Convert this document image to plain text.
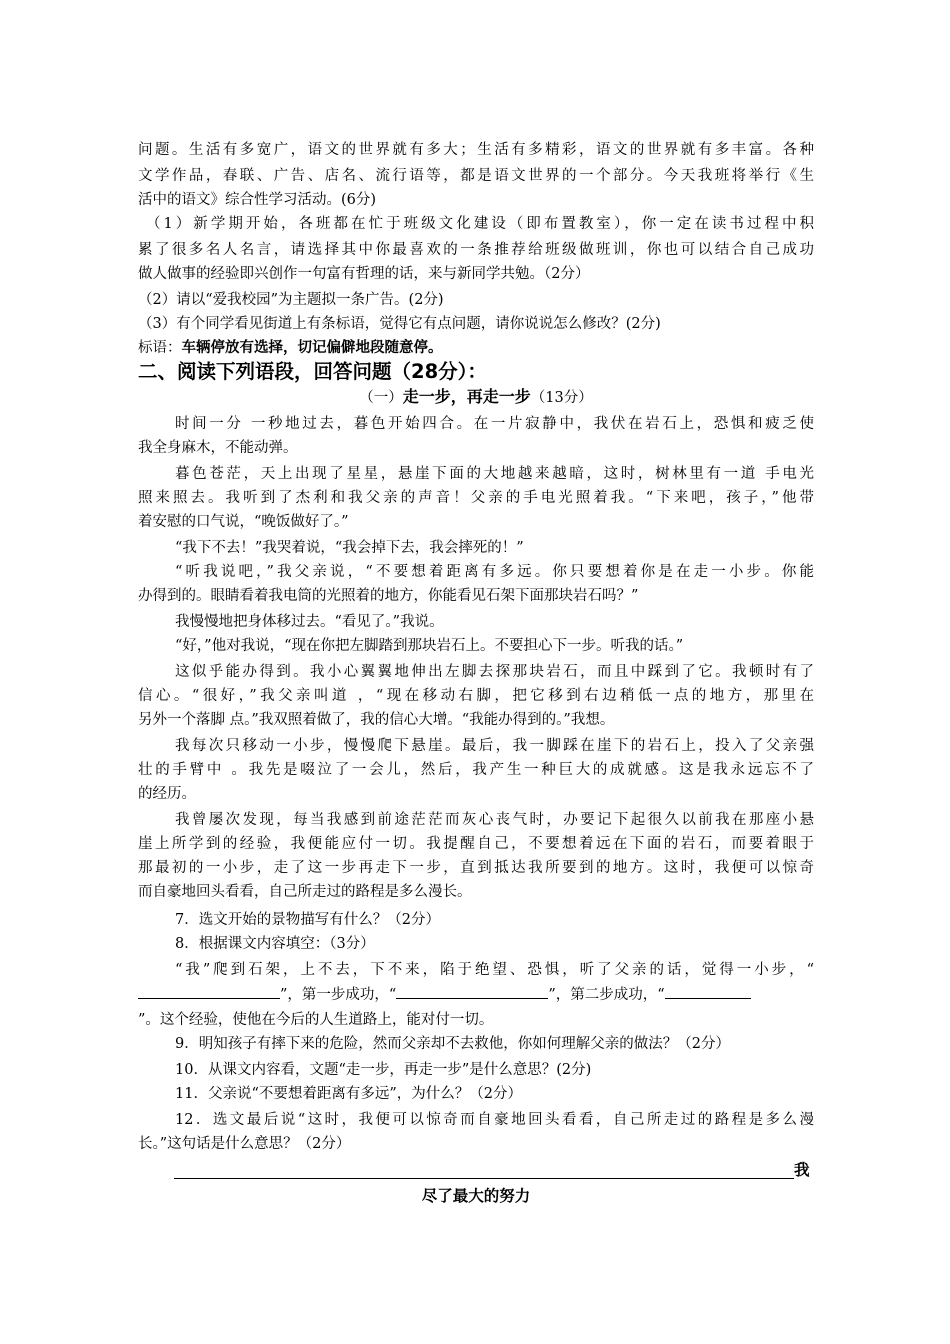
问题。生活有多宽广，语文的世界就有多大；生活有多精彩，语文的世界就有多丰富。各种
文学作品，春联、广告、店名、流行语等，都是语文世界的一个部分。今天我班将举行《生
活中的语文》综合性学习活动。(6分)
（1）新学期开始，各班都在忙于班级文化建设（即布置教室），你一定在读书过程中积
累了很多名人名言，请选择其中你最喜欢的一条推荐给班级做班训，你也可以结合自己成功
做人做事的经验即兴创作一句富有哲理的话，来与新同学共勉。（2分）
（2）请以“爱我校园”为主题拟一条广告。(2分)
（3）有个同学看见街道上有条标语，觉得它有点问题，请你说说怎么修改？(2分)
标语：车辆停放有选择，切记偏僻地段随意停。
二、阅读下列语段，回答问题（28分）：
（一）走一步，再走一步（13分）
时间一分 一秒地过去，暮色开始四合。在一片寂静中，我伏在岩石上，恐惧和疲乏使
我全身麻木，不能动弹。
暮色苍茫，天上出现了星星，悬崖下面的大地越来越暗，这时，树林里有一道 手电光
照来照去。我听到了杰利和我父亲的声音！父亲的手电光照着我。“下来吧，孩子，”他带
着安慰的口气说，“晚饭做好了。”
“我下不去！”我哭着说，“我会掉下去，我会摔死的！”
“听我说吧，”我父亲说，“不要想着距离有多远。你只要想着你是在走一小步。你能
办得到的。眼睛看着我电筒的光照着的地方，你能看见石架下面那块岩石吗？”
我慢慢地把身体移过去。“看见了。”我说。
“好，”他对我说，“现在你把左脚踏到那块岩石上。不要担心下一步。听我的话。”
这似乎能办得到。我小心翼翼地伸出左脚去探那块岩石，而且中踩到了它。我顿时有了
信心。“很好，”我父亲叫道 ，“现在移动右脚，把它移到右边稍低一点的地方，那里在
另外一个落脚 点。”我双照着做了，我的信心大增。“我能办得到的。”我想。
我每次只移动一小步，慢慢爬下悬崖。最后，我一脚踩在崖下的岩石上，投入了父亲强
壮的手臂中 。我先是啜泣了一会儿，然后，我产生一种巨大的成就感。这是我永远忘不了
的经历。
我曾屡次发现，每当我感到前途茫茫而灰心丧气时，办要记下起很久以前我在那座小悬
崖上所学到的经验，我便能应付一切。我提醒自己，不要想着远在下面的岩石，而要着眼于
那最初的一小步，走了这一步再走下一步，直到抵达我所要到的地方。这时，我便可以惊奇
而自豪地回头看看，自己所走过的路程是多么漫长。
7．选文开始的景物描写有什么？（2分）
8．根据课文内容填空：（3分）
“我”爬到石架，上不去，下不来，陷于绝望、恐惧，听了父亲的话，觉得一小步，“
”，第一步成功，“	”，第二步成功，“
”。这个经验，使他在今后的人生道路上，能对付一切。
9．明知孩子有摔下来的危险，然而父亲却不去救他，你如何理解父亲的做法？（2分）
10．从课文内容看，文题“走一步，再走一步”是什么意思？(2分)
11．父亲说“不要想着距离有多远”，为什么？（2分）
12．选文最后说“这时，我便可以惊奇而自豪地回头看看，自己所走过的路程是多么漫
长。”这句话是什么意思？（2分）
我
尽了最大的努力
